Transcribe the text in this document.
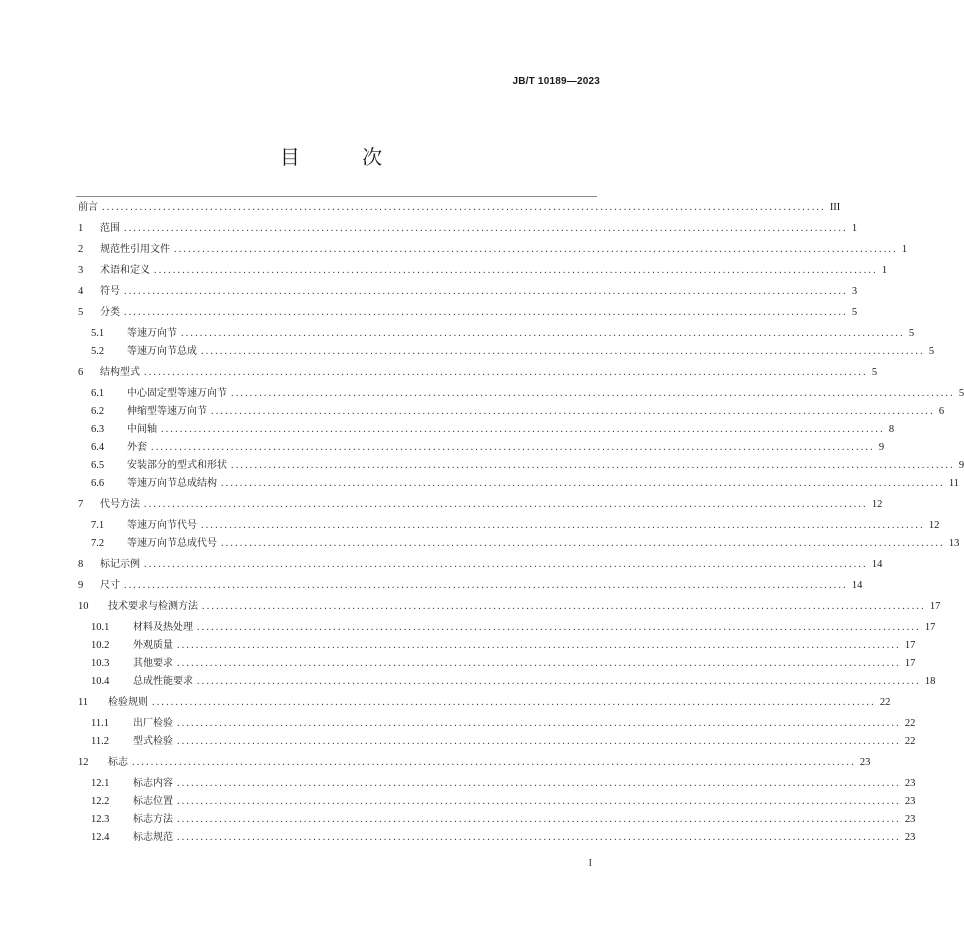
JB/T 10189—2023
目 次
前言 .......................................................................................................................................................... III
1	范围 .......................................................................................................................................................... 1
2	规范性引用文件 .......................................................................................................................................................... 1
3	术语和定义 .......................................................................................................................................................... 1
4	符号 .......................................................................................................................................................... 3
5	分类 .......................................................................................................................................................... 5
5.1	等速万向节 .......................................................................................................................................................... 5
5.2	等速万向节总成 .......................................................................................................................................................... 5
6	结构型式 .......................................................................................................................................................... 5
6.1	中心固定型等速万向节 .......................................................................................................................................................... 5
6.2	伸缩型等速万向节 .......................................................................................................................................................... 6
6.3	中间轴 .......................................................................................................................................................... 8
6.4	外套 .......................................................................................................................................................... 9
6.5	安装部分的型式和形状 .......................................................................................................................................................... 9
6.6	等速万向节总成结构 .......................................................................................................................................................... 11
7	代号方法 .......................................................................................................................................................... 12
7.1	等速万向节代号 .......................................................................................................................................................... 12
7.2	等速万向节总成代号 .......................................................................................................................................................... 13
8	标记示例 .......................................................................................................................................................... 14
9	尺寸 .......................................................................................................................................................... 14
10	技术要求与检测方法 .......................................................................................................................................................... 17
10.1	材料及热处理 .......................................................................................................................................................... 17
10.2	外观质量 .......................................................................................................................................................... 17
10.3	其他要求 .......................................................................................................................................................... 17
10.4	总成性能要求 .......................................................................................................................................................... 18
11	检验规则 .......................................................................................................................................................... 22
11.1	出厂检验 .......................................................................................................................................................... 22
11.2	型式检验 .......................................................................................................................................................... 22
12	标志 .......................................................................................................................................................... 23
12.1	标志内容 .......................................................................................................................................................... 23
12.2	标志位置 .......................................................................................................................................................... 23
12.3	标志方法 .......................................................................................................................................................... 23
12.4	标志规范 .......................................................................................................................................................... 23
I
